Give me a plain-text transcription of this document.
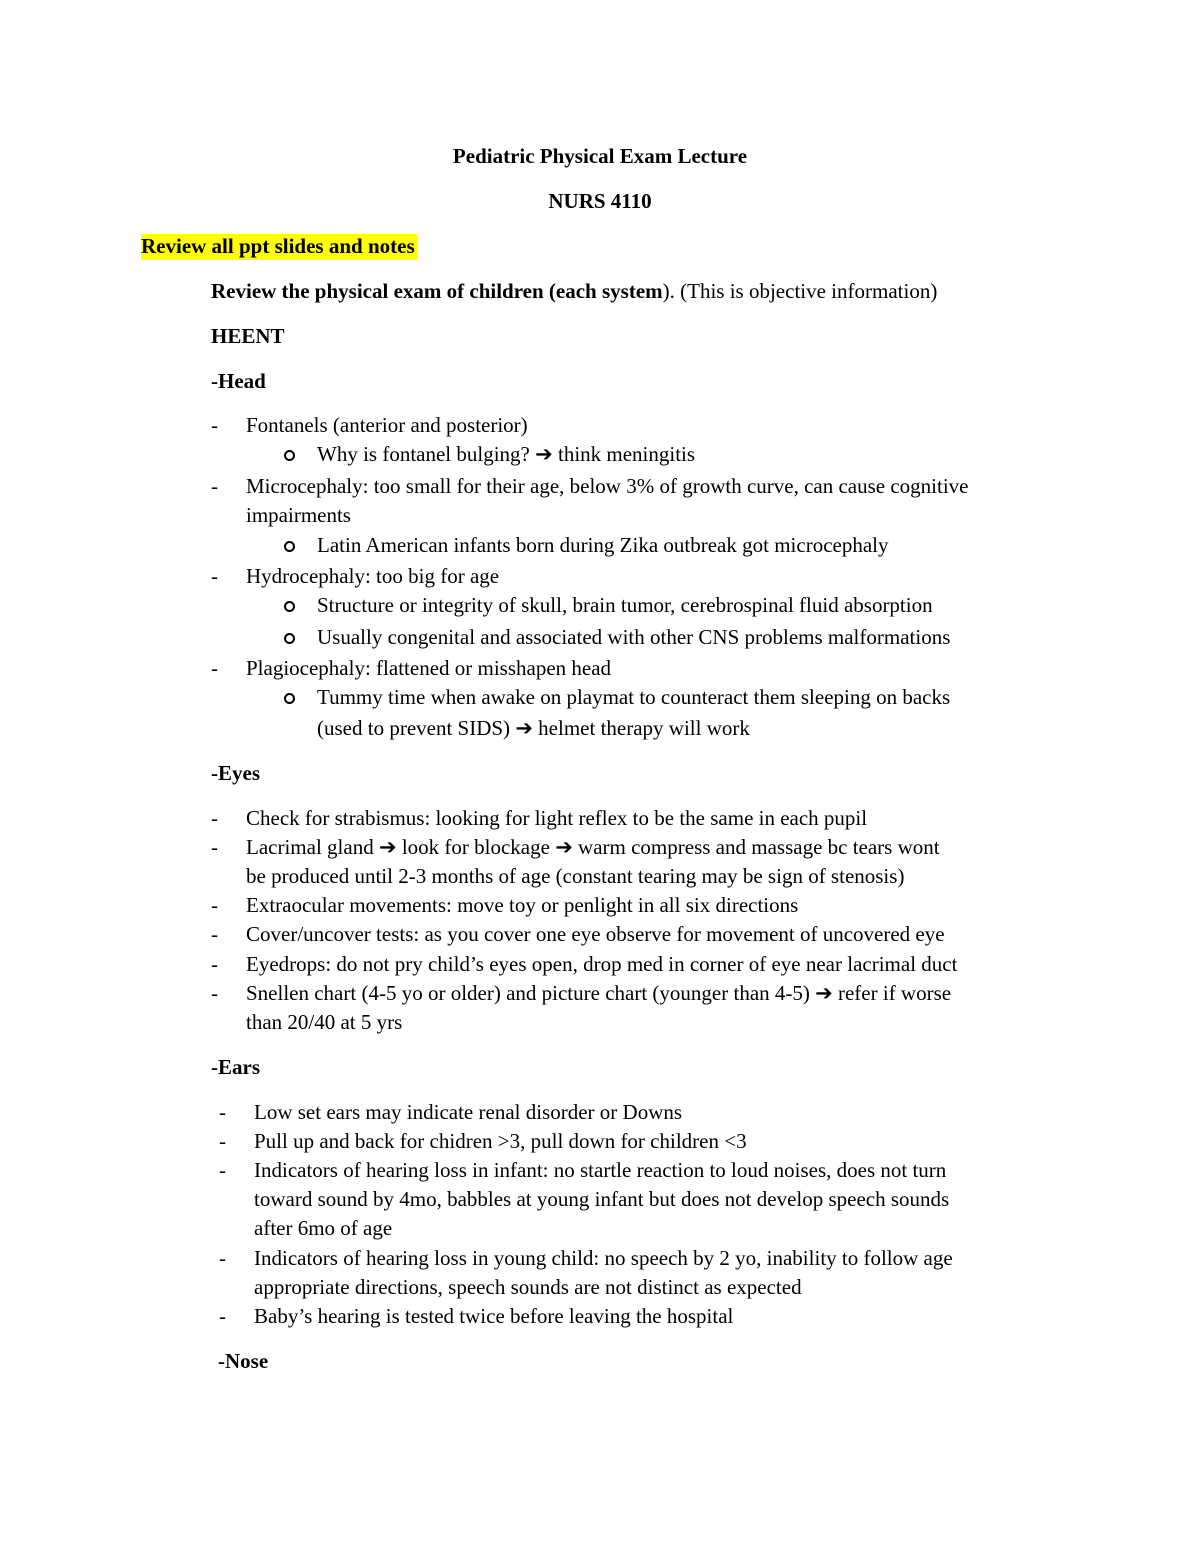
Pediatric Physical Exam Lecture
NURS 4110
Review all ppt slides and notes
Review the physical exam of children (each system). (This is objective information)
HEENT
-Head
- Fontanels (anterior and posterior)
Why is fontanel bulging? ➔ think meningitis
- Microcephaly: too small for their age, below 3% of growth curve, can cause cognitive
impairments
Latin American infants born during Zika outbreak got microcephaly
- Hydrocephaly: too big for age
Structure or integrity of skull, brain tumor, cerebrospinal fluid absorption
Usually congenital and associated with other CNS problems malformations
- Plagiocephaly: flattened or misshapen head
Tummy time when awake on playmat to counteract them sleeping on backs
(used to prevent SIDS) ➔ helmet therapy will work
-Eyes
- Check for strabismus: looking for light reflex to be the same in each pupil
- Lacrimal gland ➔ look for blockage ➔ warm compress and massage bc tears wont
be produced until 2-3 months of age (constant tearing may be sign of stenosis)
- Extraocular movements: move toy or penlight in all six directions
- Cover/uncover tests: as you cover one eye observe for movement of uncovered eye
- Eyedrops: do not pry child’s eyes open, drop med in corner of eye near lacrimal duct
- Snellen chart (4-5 yo or older) and picture chart (younger than 4-5) ➔ refer if worse
than 20/40 at 5 yrs
-Ears
- Low set ears may indicate renal disorder or Downs
- Pull up and back for chidren >3, pull down for children <3
- Indicators of hearing loss in infant: no startle reaction to loud noises, does not turn
toward sound by 4mo, babbles at young infant but does not develop speech sounds
after 6mo of age
- Indicators of hearing loss in young child: no speech by 2 yo, inability to follow age
appropriate directions, speech sounds are not distinct as expected
- Baby’s hearing is tested twice before leaving the hospital
-Nose
